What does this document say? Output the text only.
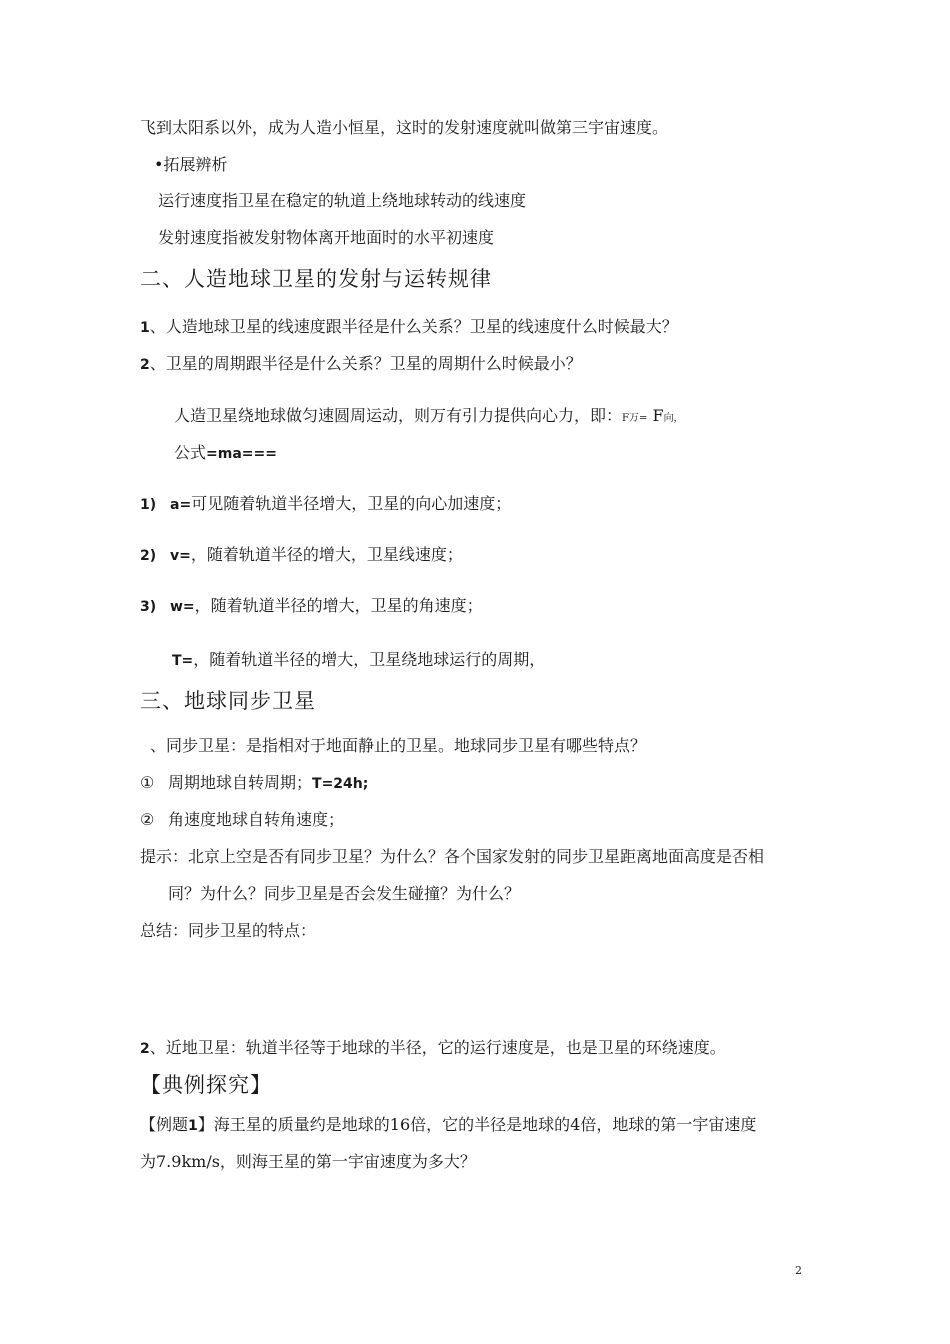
飞到太阳系以外，成为人造小恒星，这时的发射速度就叫做第三宇宙速度。
•拓展辨析
运行速度指卫星在稳定的轨道上绕地球转动的线速度
发射速度指被发射物体离开地面时的水平初速度
二、人造地球卫星的发射与运转规律
1、人造地球卫星的线速度跟半径是什么关系？卫星的线速度什么时候最大？
2、卫星的周期跟半径是什么关系？卫星的周期什么时候最小？
人造卫星绕地球做匀速圆周运动，则万有引力提供向心力，即：F万= F向，
公式=ma===
1) a=可见随着轨道半径增大，卫星的向心加速度；
2) v=，随着轨道半径的增大，卫星线速度；
3) w=，随着轨道半径的增大，卫星的角速度；
T=，随着轨道半径的增大，卫星绕地球运行的周期，
三、地球同步卫星
、同步卫星：是指相对于地面静止的卫星。地球同步卫星有哪些特点？
① 周期地球自转周期；T=24h;
② 角速度地球自转角速度；
提示：北京上空是否有同步卫星？为什么？各个国家发射的同步卫星距离地面高度是否相
同？为什么？同步卫星是否会发生碰撞？为什么？
总结：同步卫星的特点：
2、近地卫星：轨道半径等于地球的半径，它的运行速度是，也是卫星的环绕速度。
【典例探究】
【例题1】海王星的质量约是地球的16倍，它的半径是地球的4倍，地球的第一宇宙速度
为7.9km/s，则海王星的第一宇宙速度为多大？
2
